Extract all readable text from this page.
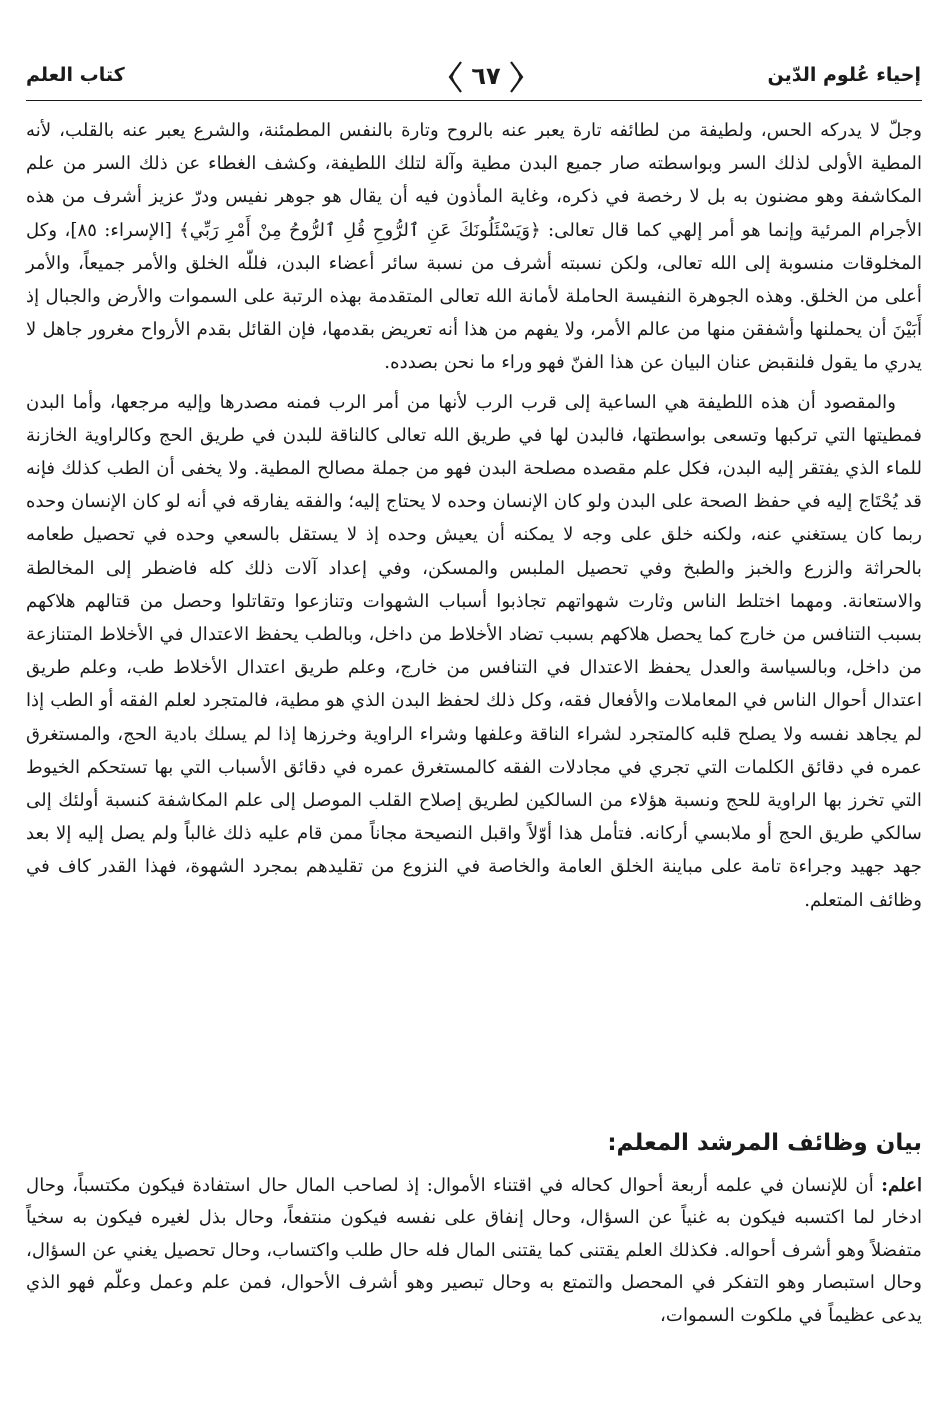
كتاب العلم	٦٧	إحياء عُلوم الدّين

وجلّ لا يدركه الحس، ولطيفة من لطائفه تارة يعبر عنه بالروح وتارة بالنفس المطمئنة، والشرع يعبر عنه بالقلب، لأنه المطية الأولى لذلك السر وبواسطته صار جميع البدن مطية وآلة لتلك اللطيفة، وكشف الغطاء عن ذلك السر من علم المكاشفة وهو مضنون به بل لا رخصة في ذكره، وغاية المأذون فيه أن يقال هو جوهر نفيس ودرّ عزيز أشرف من هذه الأجرام المرئية وإنما هو أمر إلهي كما قال تعالى: ﴿وَيَسْئَلُونَكَ عَنِ ٱلرُّوحِ قُلِ ٱلرُّوحُ مِنْ أَمْرِ رَبِّي﴾ [الإسراء: ٨٥]، وكل المخلوقات منسوبة إلى الله تعالى، ولكن نسبته أشرف من نسبة سائر أعضاء البدن، فللّه الخلق والأمر جميعاً، والأمر أعلى من الخلق. وهذه الجوهرة النفيسة الحاملة لأمانة الله تعالى المتقدمة بهذه الرتبة على السموات والأرض والجبال إذ أَبَيْنَ أن يحملنها وأشفقن منها من عالم الأمر، ولا يفهم من هذا أنه تعريض بقدمها، فإن القائل بقدم الأرواح مغرور جاهل لا يدري ما يقول فلنقبض عنان البيان عن هذا الفنّ فهو وراء ما نحن بصدده.

والمقصود أن هذه اللطيفة هي الساعية إلى قرب الرب لأنها من أمر الرب فمنه مصدرها وإليه مرجعها، وأما البدن فمطيتها التي تركبها وتسعى بواسطتها، فالبدن لها في طريق الله تعالى كالناقة للبدن في طريق الحج وكالراوية الخازنة للماء الذي يفتقر إليه البدن، فكل علم مقصده مصلحة البدن فهو من جملة مصالح المطية. ولا يخفى أن الطب كذلك فإنه قد يُحْتَاج إليه في حفظ الصحة على البدن ولو كان الإنسان وحده لا يحتاج إليه؛ والفقه يفارقه في أنه لو كان الإنسان وحده ربما كان يستغني عنه، ولكنه خلق على وجه لا يمكنه أن يعيش وحده إذ لا يستقل بالسعي وحده في تحصيل طعامه بالحراثة والزرع والخبز والطبخ وفي تحصيل الملبس والمسكن، وفي إعداد آلات ذلك كله فاضطر إلى المخالطة والاستعانة. ومهما اختلط الناس وثارت شهواتهم تجاذبوا أسباب الشهوات وتنازعوا وتقاتلوا وحصل من قتالهم هلاكهم بسبب التنافس من خارج كما يحصل هلاكهم بسبب تضاد الأخلاط من داخل، وبالطب يحفظ الاعتدال في الأخلاط المتنازعة من داخل، وبالسياسة والعدل يحفظ الاعتدال في التنافس من خارج، وعلم طريق اعتدال الأخلاط طب، وعلم طريق اعتدال أحوال الناس في المعاملات والأفعال فقه، وكل ذلك لحفظ البدن الذي هو مطية، فالمتجرد لعلم الفقه أو الطب إذا لم يجاهد نفسه ولا يصلح قلبه كالمتجرد لشراء الناقة وعلفها وشراء الراوية وخرزها إذا لم يسلك بادية الحج، والمستغرق عمره في دقائق الكلمات التي تجري في مجادلات الفقه كالمستغرق عمره في دقائق الأسباب التي بها تستحكم الخيوط التي تخرز بها الراوية للحج ونسبة هؤلاء من السالكين لطريق إصلاح القلب الموصل إلى علم المكاشفة كنسبة أولئك إلى سالكي طريق الحج أو ملابسي أركانه. فتأمل هذا أوّلاً واقبل النصيحة مجاناً ممن قام عليه ذلك غالباً ولم يصل إليه إلا بعد جهد جهيد وجراءة تامة على مباينة الخلق العامة والخاصة في النزوع من تقليدهم بمجرد الشهوة، فهذا القدر كاف في وظائف المتعلم.

بيان وظائف المرشد المعلم:

اعلم: أن للإنسان في علمه أربعة أحوال كحاله في اقتناء الأموال: إذ لصاحب المال حال استفادة فيكون مكتسباً، وحال ادخار لما اكتسبه فيكون به غنياً عن السؤال، وحال إنفاق على نفسه فيكون منتفعاً، وحال بذل لغيره فيكون به سخياً متفضلاً وهو أشرف أحواله. فكذلك العلم يقتنى كما يقتنى المال فله حال طلب واكتساب، وحال تحصيل يغني عن السؤال، وحال استبصار وهو التفكر في المحصل والتمتع به وحال تبصير وهو أشرف الأحوال، فمن علم وعمل وعلّم فهو الذي يدعى عظيماً في ملكوت السموات،
